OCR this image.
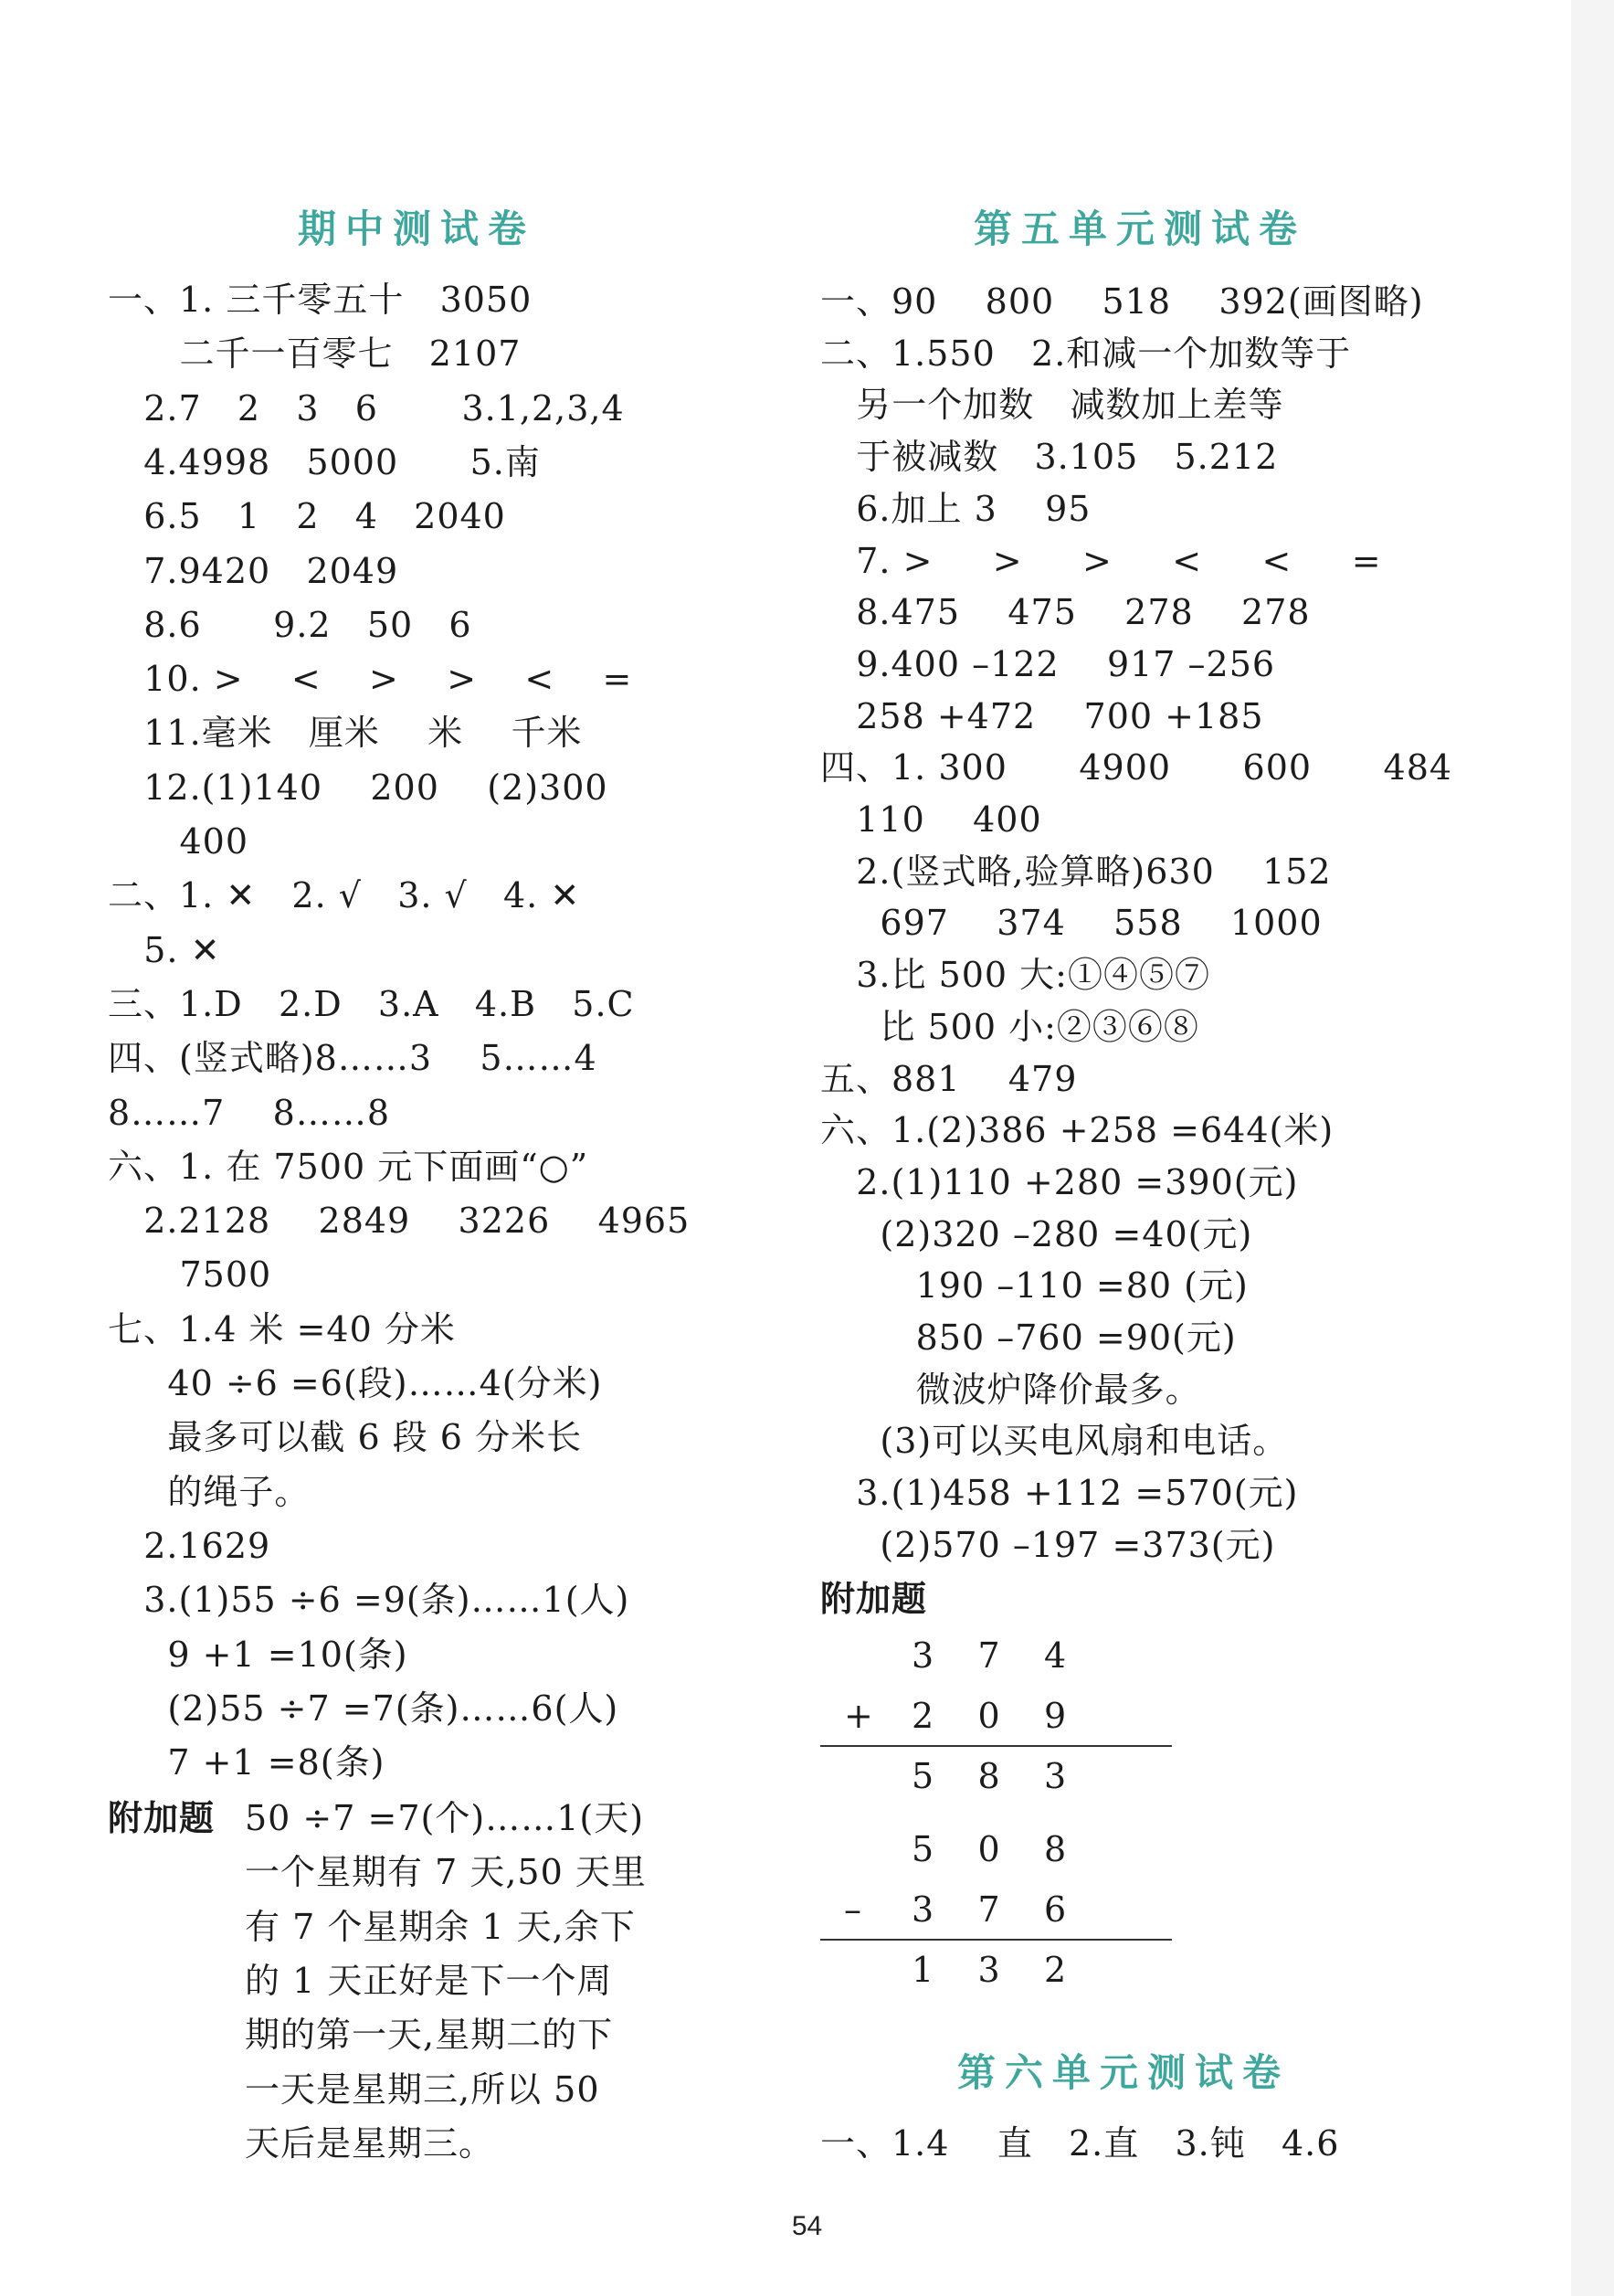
期中测试卷
一、1. 三千零五十   3050
二千一百零七   2107
2.7   2   3   6       3.1,2,3,4
4.4998   5000      5.南
6.5   1   2   4   2040
7.9420   2049
8.6      9.2   50   6
10. >    <    >    >    <    =
11.毫米   厘米    米    千米
12.(1)140    200    (2)300
400
二、1. ✕   2. √   3. √   4. ✕
5. ✕
三、1.D   2.D   3.A   4.B   5.C
四、(竖式略)8……3    5……4
8……7    8……8
六、1. 在 7500 元下面画“○”
2.2128    2849    3226    4965
7500
七、1.4 米 =40 分米
40 ÷6 =6(段)……4(分米)
最多可以截 6 段 6 分米长
的绳子。
2.1629
3.(1)55 ÷6 =9(条)……1(人)
9 +1 =10(条)
(2)55 ÷7 =7(条)……6(人)
7 +1 =8(条)
附加题 50 ÷7 =7(个)……1(天)
一个星期有 7 天,50 天里
有 7 个星期余 1 天,余下
的 1 天正好是下一个周
期的第一天,星期二的下
一天是星期三,所以 50
天后是星期三。
第五单元测试卷
一、90    800    518    392(画图略)
二、1.550   2.和减一个加数等于
另一个加数   减数加上差等
于被减数   3.105   5.212
6.加上 3    95
7. >     >     >     <     <     =
8.475    475    278    278
9.400 –122    917 –256
258 +472    700 +185
四、1. 300      4900      600      484
110    400
2.(竖式略,验算略)630    152
697    374    558    1000
3.比 500 大:①④⑤⑦
比 500 小:②③⑥⑧
五、881    479
六、1.(2)386 +258 =644(米)
2.(1)110 +280 =390(元)
(2)320 –280 =40(元)
190 –110 =80 (元)
850 –760 =90(元)
微波炉降价最多。
(3)可以买电风扇和电话。
3.(1)458 +112 =570(元)
(2)570 –197 =373(元)
附加题
3    7    4
+ 2    0    9
5    8    3
5    0    8
– 3    7    6
1    3    2
第六单元测试卷
一、1.4    直   2.直   3.钝   4.6
54
